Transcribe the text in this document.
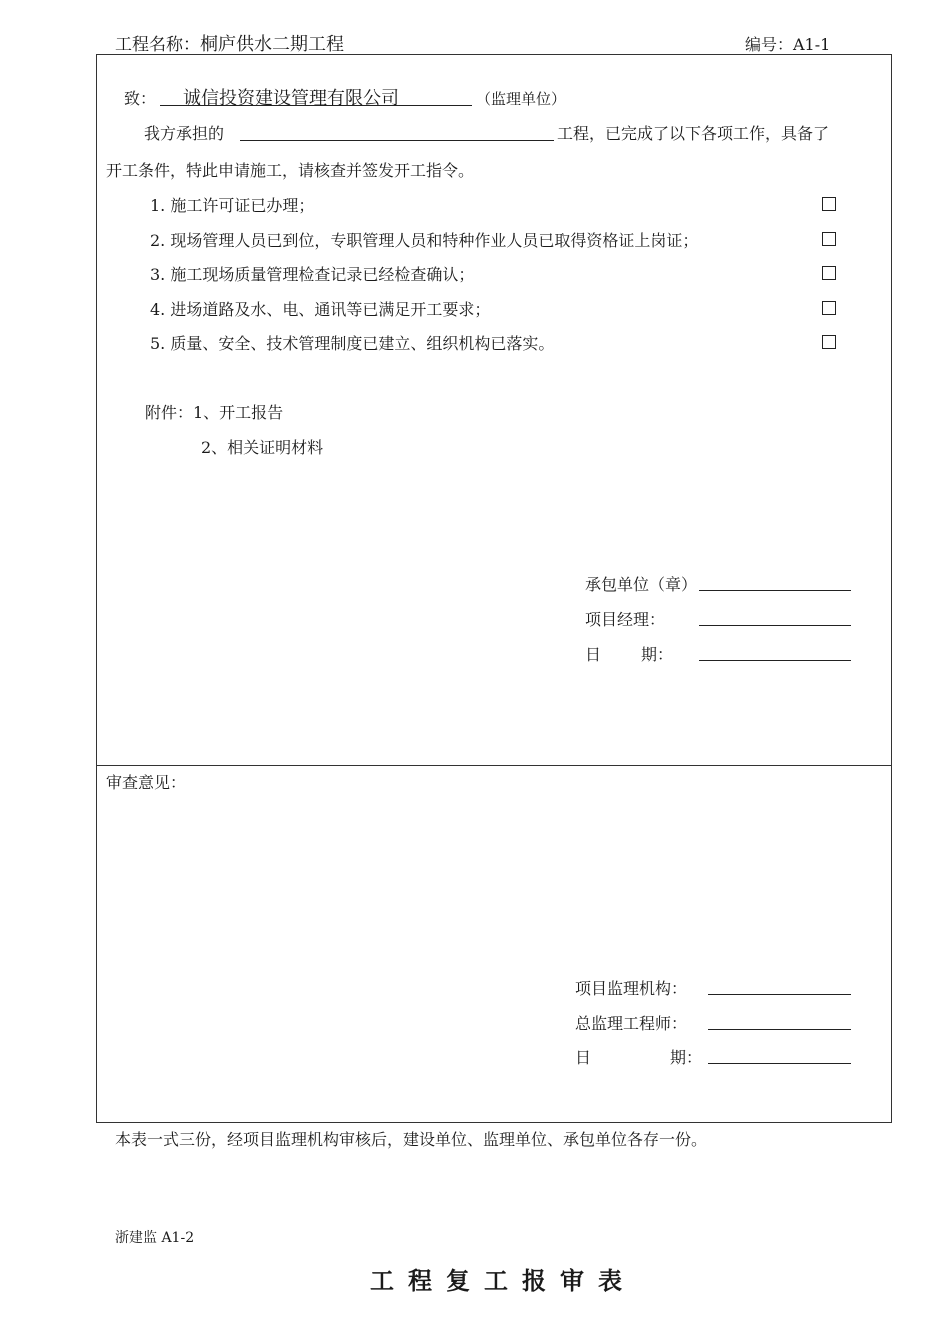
工程名称：桐庐供水二期工程	编号：A1-1
致： 诚信投资建设管理有限公司	（监理单位）
我方承担的	工程，已完成了以下各项工作，具备了
开工条件，特此申请施工，请核查并签发开工指令。
1. 施工许可证已办理；
2. 现场管理人员已到位，专职管理人员和特种作业人员已取得资格证上岗证；
3. 施工现场质量管理检查记录已经检查确认；
4. 进场道路及水、电、通讯等已满足开工要求；
5. 质量、安全、技术管理制度已建立、组织机构已落实。
附件：1、开工报告
2、相关证明材料
承包单位（章）
项目经理：
日 期：
审查意见：
项目监理机构：
总监理工程师：
日	期：
本表一式三份，经项目监理机构审核后，建设单位、监理单位、承包单位各存一份。
浙建监 A1-2
工程复工报审表
